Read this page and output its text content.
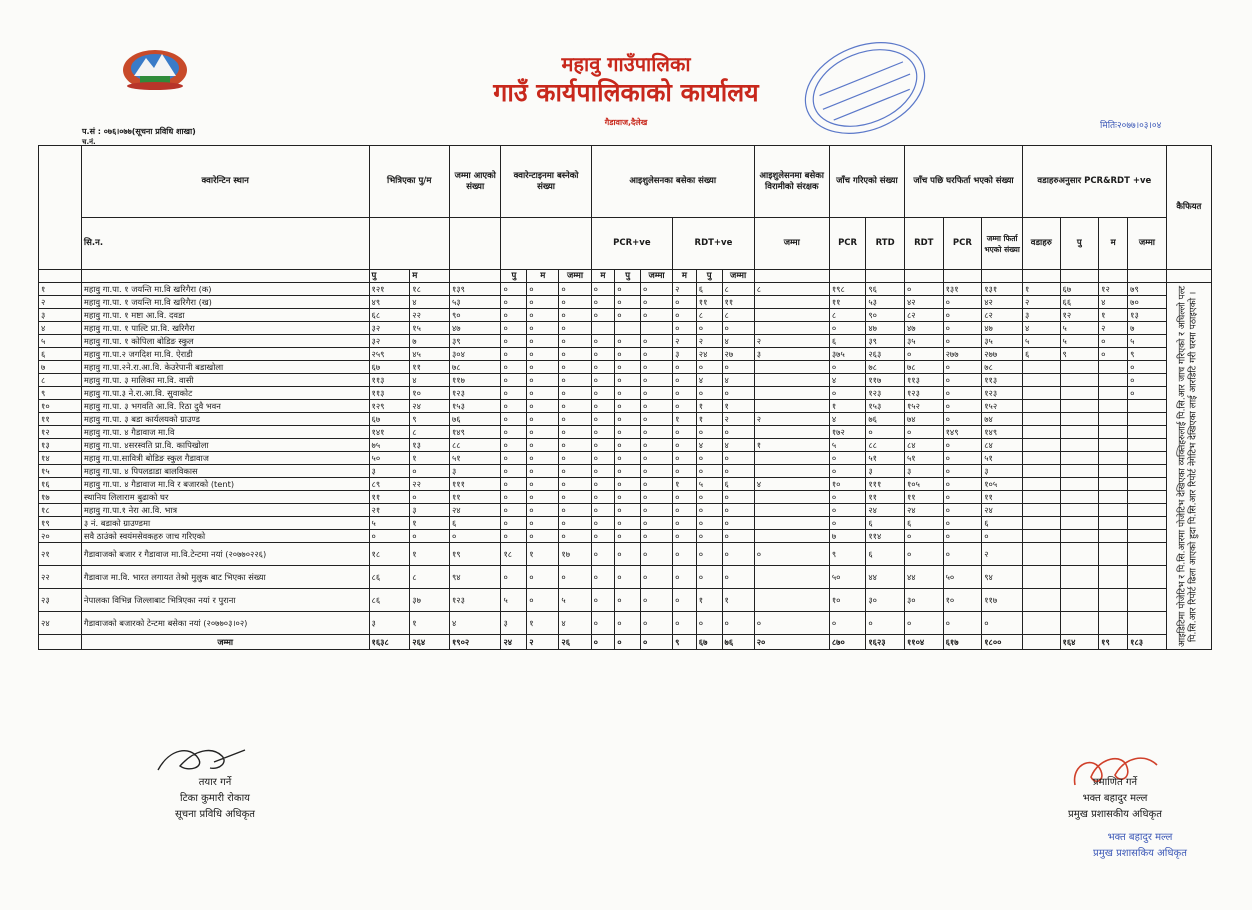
महावु गाउँपालिका
गाउँ कार्यपालिकाको कार्यालय
गैडावाज,दैलेख
प.सं : ०७६।०७७(सूचना प्रविधि शाखा)
च.नं.
मितिः२०७७।०३।०४
	क्वारेन्टिन स्थान	भित्रिएका पु/म		जम्मा आएको संख्या	क्वारेन्टाइनमा बस्नेको संख्या			आइशुलेसनका बसेका संख्या						आइशुलेसनमा बसेका विरामीको संरक्षक	जाँच गरिएको संख्या		जाँच पछि घरफिर्ता भएको संख्या			वडाहरुअनुसार PCR&RDT +ve				कैफियत
	सि.न.							PCR+ve			RDT+ve			जम्मा	PCR	RTD	RDT	PCR	जम्मा फिर्ता भएको संख्या	वडाहरु	पु	म	जम्मा	
		पु	म		पु	म	जम्मा	म	पु	जम्मा	म	पु	जम्मा											
१	महावु गा.पा. १ जयन्ति मा.वि खरिगैरा (क)	१२१	१८	१३९	०	०	०	०	०	०	२	६	८	८	१९८	९६	०	१३१	१३१	१	६७	१२	७९	आइडिटिमा पोजेटिभ र पि.सि.आरमा पोजेटिभ देखिएका व्यक्तिहरुलाई पि.सि.आर जाच गरिएको र अघिल्लो पल्ट पि.सि.आर रिपोर्ट ढिला आएको हुदा पि.सि.आर रिपोर्ट नेगेटिभ देखिएका लाई आरडिटि गरी घरमा पठाइएको ।
२	महावु गा.पा. १ जयन्ति मा.वि खरिगैरा (ख)	४९	४	५३	०	०	०	०	०	०	०	११	११		११	५३	४२	०	४२	२	६६	४	७०	
३	महावु गा.पा. १ मष्टा आ.वि. दवडा	६८	२२	९०	०	०	०	०	०	०	०	८	८		८	९०	८२	०	८२	३	१२	१	१३	
४	महावु गा.पा. १ पाल्टि प्रा.वि. खरिगैरा	३२	१५	४७	०	०	०				०	०	०		०	४७	४७	०	४७	४	५	२	७	
५	महावु गा.पा. १ कोपिला बोडिङ स्कुल	३२	७	३९	०	०	०	०	०	०	२	२	४	२	६	३९	३५	०	३५	५	५	०	५	
६	महावु गा.पा.२ जगदिश मा.वि. ऐराडी	२५९	४५	३०४	०	०	०	०	०	०	३	२४	२७	३	३७५	२६३	०	२७७	२७७	६	९	०	९	
७	महावु गा.पा.२ने.रा.आ.वि. केउरेपानी बडाखोला	६७	११	७८	०	०	०	०	०	०	०	०	०		०	७८	७८	०	७८				०	
८	महावु गा.पा. ३ मालिका मा.वि. वासी	११३	४	११७	०	०	०	०	०	०	०	४	४		४	११७	११३	०	११३				०	
९	महावु गा.पा.३ ने.रा.आ.वि. सुवाकोट	११३	१०	१२३	०	०	०	०	०	०	०	०	०		०	१२३	१२३	०	१२३				०	
१०	महावु गा.पा. ३ भगवति आ.वि. रिठा दुवै भवन	१२९	२४	१५३	०	०	०	०	०	०	०	१	१		१	१५३	१५२	०	१५२					
११	महावु गा.पा. ३ बडा कार्यलयको ग्राउण्ड	६७	९	७६	०	०	०	०	०	०	१	१	२	२	४	७६	७४	०	७४					
१२	महावु गा.पा. ४ गैडावाज मा.वि	१४१	८	१४९	०	०	०	०	०	०	०	०	०		१७२	०	०	१४९	१४९					
१३	महावु गा.पा. ४सरस्वति प्रा.वि. कापिखोला	७५	१३	८८	०	०	०	०	०	०	०	४	४	१	५	८८	८४	०	८४					
१४	महावु गा.पा.सावित्री बोडिङ स्कुल गैडावाज	५०	१	५१	०	०	०	०	०	०	०	०	०		०	५१	५१	०	५१					
१५	महावु गा.पा. ४ पिपलडाडा बालविकास	३	०	३	०	०	०	०	०	०	०	०	०		०	३	३	०	३					
१६	महावु गा.पा. ४ गैडावाज मा.वि र बजारको (tent)	८९	२२	१११	०	०	०	०	०	०	१	५	६	४	१०	१११	१०५	०	१०५					
१७	स्थानिय लिलाराम बुढाको घर	११	०	११	०	०	०	०	०	०	०	०	०		०	११	११	०	११					
१८	महावु गा.पा.१ नेरा आ.वि. भात्र	२१	३	२४	०	०	०	०	०	०	०	०	०		०	२४	२४	०	२४					
१९	३ नं. बडाको ग्राउण्डमा	५	१	६	०	०	०	०	०	०	०	०	०		०	६	६	०	६					
२०	सवै ठाउंको स्वयंमसेवकहरु जाच गरिएको	०	०	०	०	०	०	०	०	०	०	०	०		७	११४	०	०	०					
२१	गैडावाजको बजार र गैडावाज मा.वि.टेन्टमा नयां (२०७७०२२६)	१८	१	१९	१८	१	१७	०	०	०	०	०	०	०	९	६	०	०	२					
२२	गैडावाज मा.वि. भारत लगायत तेश्रो मुलुक बाट भिएका संख्या	८६	८	९४	०	०	०	०	०	०	०	०	०		५०	४४	४४	५०	९४					
२३	नेपालका विभिन्न जिल्लाबाट भित्रिएका नयां र पुराना	८६	३७	१२३	५	०	५	०	०	०	०	१	१		१०	३०	३०	१०	११७					
२४	गैडावाजको बजारको टेन्टमा बसेका नयां (२०७७०३।०२)	३	१	४	३	१	४	०	०	०	०	०	०	०	०	०	०	०	०					
	जम्मा	१६३८	२६४	१९०२	२४	२	२६	०	०	०	९	६७	७६	२०	८७०	१६२३	११०४	६१७	१८००		१६४	१९	१८३	
तयार गर्ने
टिका कुमारी रोकाय
सूचना प्रविधि अधिकृत
प्रमाणित गर्ने
भक्त बहादुर मल्ल
प्रमुख प्रशासकीय अधिकृत
भक्त बहादुर मल्ल
प्रमुख प्रशासकिय अधिकृत
